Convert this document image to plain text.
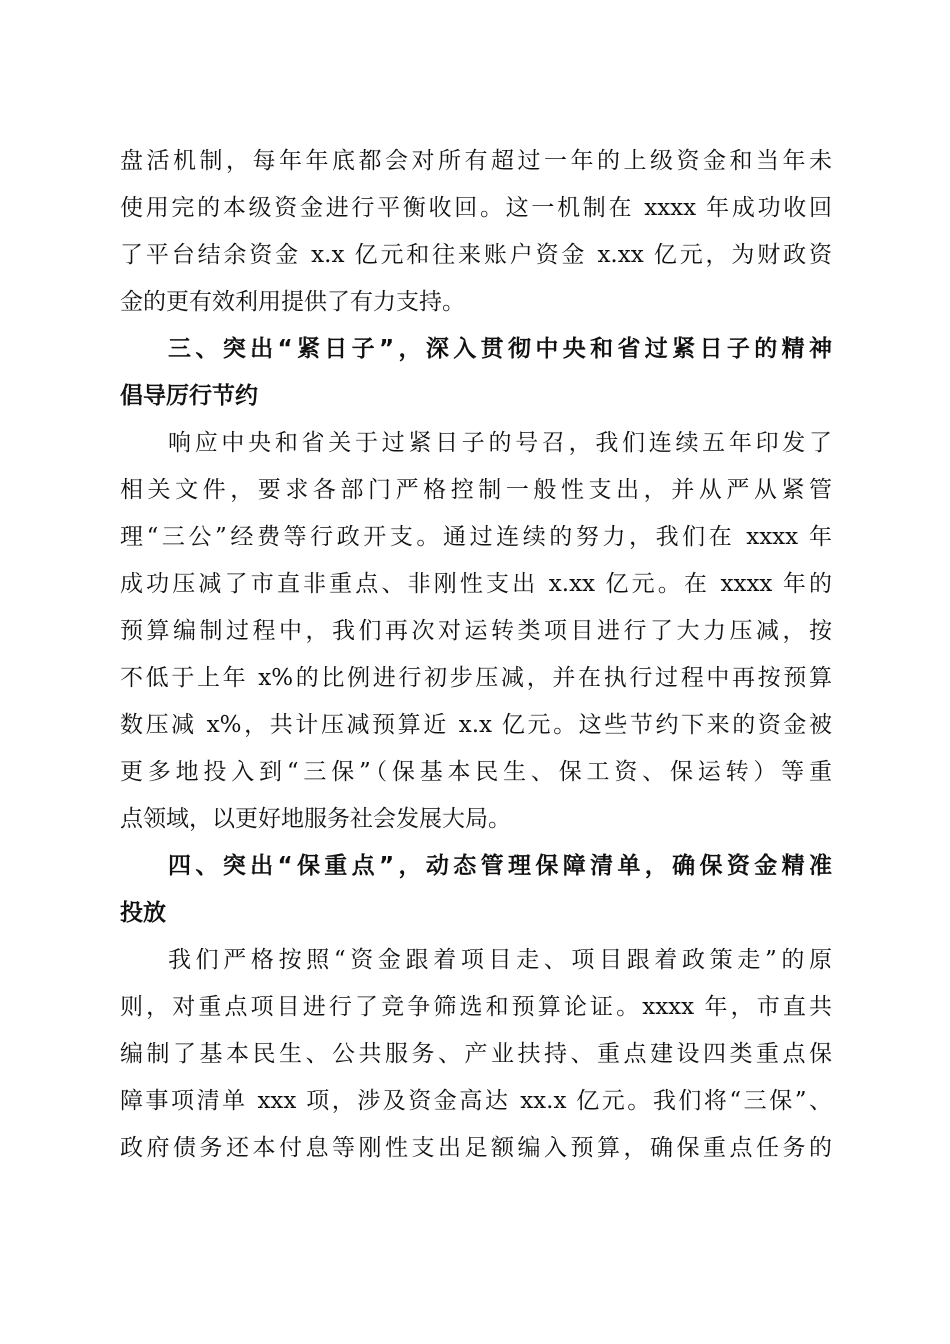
盘活机制，每年年底都会对所有超过一年的上级资金和当年未
使用完的本级资金进行平衡收回。这一机制在 xxxx 年成功收回
了平台结余资金 x.x 亿元和往来账户资金 x.xx 亿元，为财政资
金的更有效利用提供了有力支持。
三、突出“紧日子”，深入贯彻中央和省过紧日子的精神
倡导厉行节约
响应中央和省关于过紧日子的号召，我们连续五年印发了
相关文件，要求各部门严格控制一般性支出，并从严从紧管
理“三公”经费等行政开支。通过连续的努力，我们在 xxxx 年
成功压减了市直非重点、非刚性支出 x.xx 亿元。在 xxxx 年的
预算编制过程中，我们再次对运转类项目进行了大力压减，按
不低于上年 x%的比例进行初步压减，并在执行过程中再按预算
数压减 x%，共计压减预算近 x.x 亿元。这些节约下来的资金被
更多地投入到“三保”（保基本民生、保工资、保运转）等重
点领域，以更好地服务社会发展大局。
四、突出“保重点”，动态管理保障清单，确保资金精准
投放
我们严格按照“资金跟着项目走、项目跟着政策走”的原
则，对重点项目进行了竞争筛选和预算论证。xxxx 年，市直共
编制了基本民生、公共服务、产业扶持、重点建设四类重点保
障事项清单 xxx 项，涉及资金高达 xx.x 亿元。我们将“三保”、
政府债务还本付息等刚性支出足额编入预算，确保重点任务的
